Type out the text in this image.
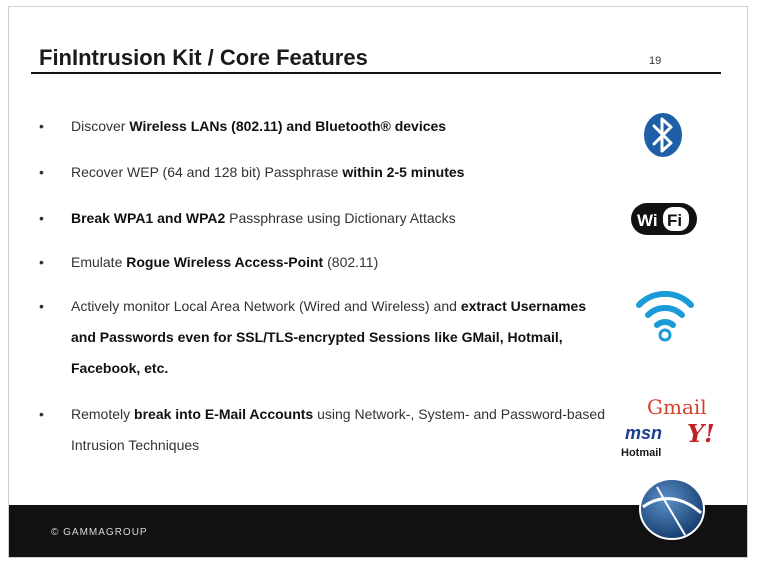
FinIntrusion Kit / Core Features	19
• Discover Wireless LANs (802.11) and Bluetooth® devices
• Recover WEP (64 and 128 bit) Passphrase within 2-5 minutes
• Break WPA1 and WPA2 Passphrase using Dictionary Attacks
• Emulate Rogue Wireless Access-Point (802.11)
• Actively monitor Local Area Network (Wired and Wireless) and extract Usernames and Passwords even for SSL/TLS-encrypted Sessions like GMail, Hotmail, Facebook, etc.
• Remotely break into E-Mail Accounts using Network-, System- and Password-based Intrusion Techniques
Wi Fi
Gmail
msn Y!
Hotmail
© GAMMAGROUP
